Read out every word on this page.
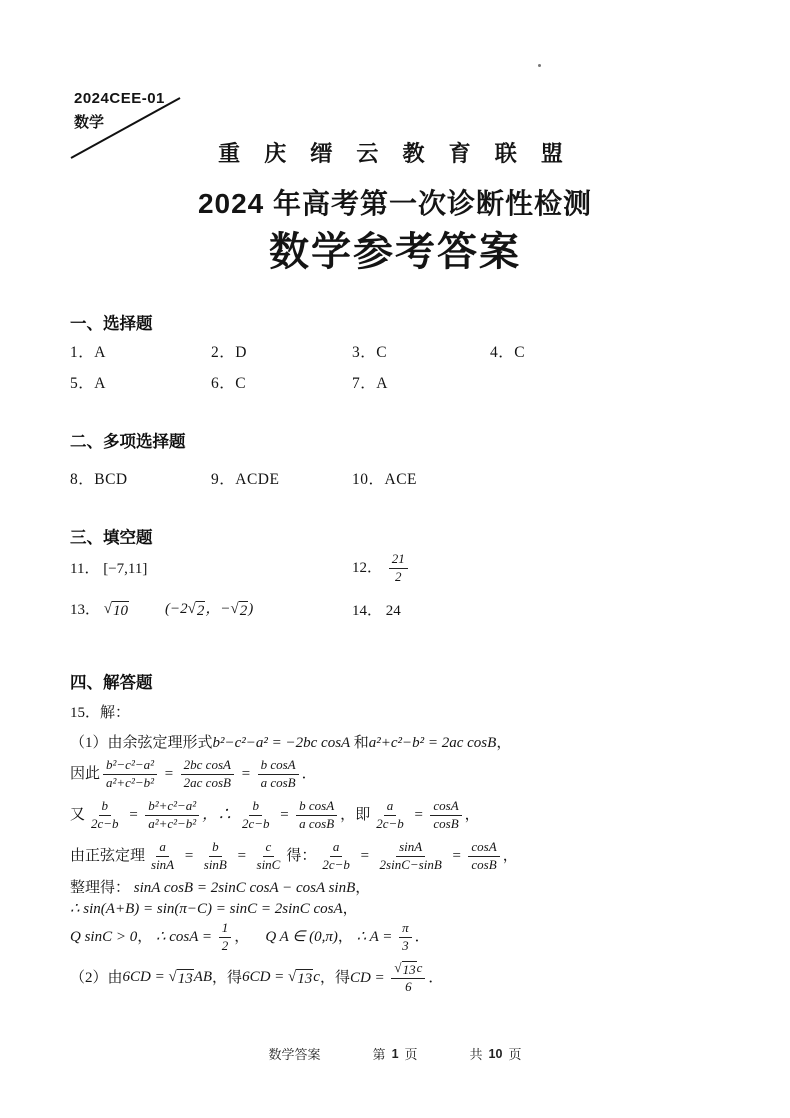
2024CEE-01
数学
重 庆 缙 云 教 育 联 盟
2024 年高考第一次诊断性检测
数学参考答案
一、选择题
1．A	2．D	3．C	4．C
5．A	6．C	7．A
二、多项选择题
8．BCD	9．ACDE	10．ACE
三、填空题
11． [−7,11]	12． $\frac{21}{2}$
13． √ 10 (−2 √ 2 ，− √ 2 )	14． 24
四、解答题
15．解：
（1）由余弦定理形式 b²−c²−a² = −2bc cosA 和 a²+c²−b² = 2ac cosB ，
因此 $\frac{\text{b²−c²−a²}}{\text{a²+c²−b²}} = \frac{\text{2bc cosA}}{\text{2ac cosB}} = \frac{\text{b cosA}}{\text{a cosB}}$ ．
又 $\frac{b}{2c-b} = \frac{\text{b²+c²−a²}}{\text{a²+c²−b²}}$ ，∴ $\frac{b}{2c-b} = \frac{\text{b cosA}}{\text{a cosB}}$ ， 即 $\frac{a}{2c-b} = \frac{\cos A}{\cos B}$ ，
由正弦定理 $\frac{a}{\sin A} = \frac{b}{\sin B} = \frac{c}{\sin C}$ 得： $\frac{a}{2c-b} = \frac{\sin A}{2\sin C-\sin B} = \frac{\cos A}{\cos B}$ ，
整理得： sinA cosB = 2sinC cosA − cosA sinB ，
∴ sin(A+B) = sin(π−C) = sinC = 2sinC cosA ，
Q sinC > 0 ， ∴ $\cos A = \frac{1}{2}$ ， Q A ∈ (0,π) ， ∴ $A = \frac{\pi}{3}$ ．
（2）由 6CD = √ 13 AB ，得 6CD = √ 13 c ，得 CD = $\frac{√ 13 c}{6}$ ．
数学答案	第 1 页	共 10 页
